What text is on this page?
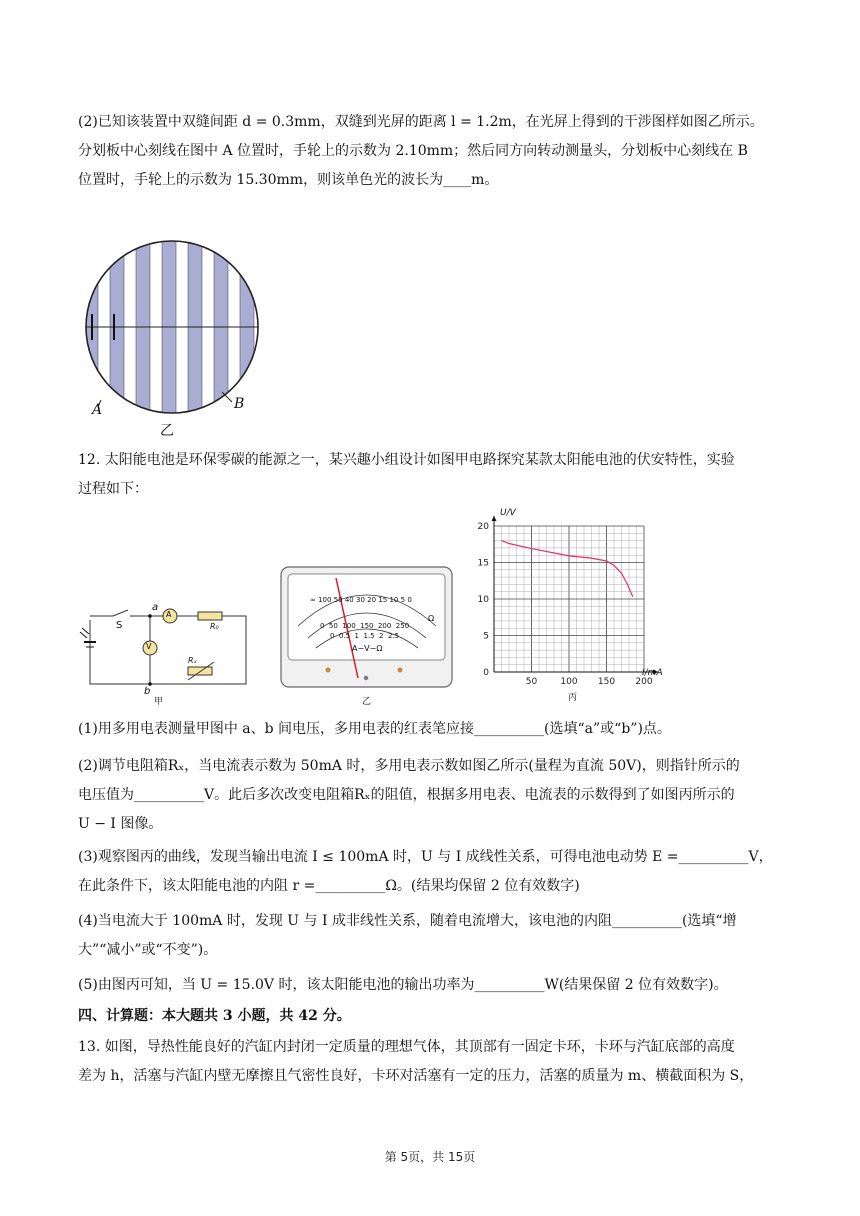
(2)已知该装置中双缝间距 d = 0.3mm，双缝到光屏的距离 l = 1.2m，在光屏上得到的干涉图样如图乙所示。
分划板中心刻线在图中 A 位置时，手轮上的示数为 2.10mm；然后同方向转动测量头，分划板中心刻线在 B
位置时，手轮上的示数为 15.30mm，则该单色光的波长为____m。
A	B
乙
12. 太阳能电池是环保零碳的能源之一，某兴趣小组设计如图甲电路探究某款太阳能电池的伏安特性，实验
过程如下：
A
V
a
b
S	R₀
Rₓ
甲
∞ 100 50 40 30 20 15 10 5 0
0 50 100 150 200 250
0 0.5 1 1.5 2 2.5
Ω
A−V−Ω
乙
50	100 150 200
0
5
10
15
20
U/V
I/mA
丙
(1)用多用电表测量甲图中 a、b 间电压，多用电表的红表笔应接__________(选填“a”或“b”)点。
(2)调节电阻箱Rₓ，当电流表示数为 50mA 时，多用电表示数如图乙所示(量程为直流 50V)，则指针所示的
电压值为__________V。此后多次改变电阻箱Rₓ的阻值，根据多用电表、电流表的示数得到了如图丙所示的
U − I 图像。
(3)观察图丙的曲线，发现当输出电流 I ≤ 100mA 时，U 与 I 成线性关系，可得电池电动势 E =__________V，
在此条件下，该太阳能电池的内阻 r =__________Ω。(结果均保留 2 位有效数字)
(4)当电流大于 100mA 时，发现 U 与 I 成非线性关系，随着电流增大，该电池的内阻__________(选填“增
大”“减小”或“不变”)。
(5)由图丙可知，当 U = 15.0V 时，该太阳能电池的输出功率为__________W(结果保留 2 位有效数字)。
四、计算题：本大题共 3 小题，共 42 分。
13. 如图，导热性能良好的汽缸内封闭一定质量的理想气体，其顶部有一固定卡环，卡环与汽缸底部的高度
差为 h，活塞与汽缸内壁无摩擦且气密性良好，卡环对活塞有一定的压力，活塞的质量为 m、横截面积为 S，
第 5页，共 15页
